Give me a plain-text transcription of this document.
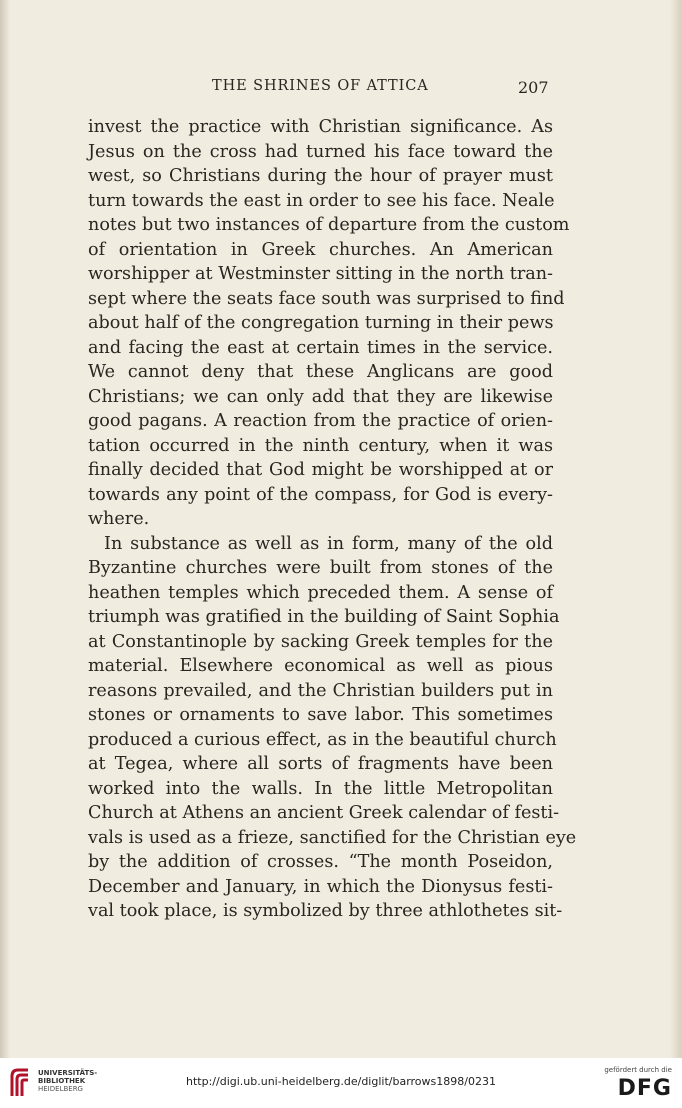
THE SHRINES OF ATTICA	207
invest the practice with Christian significance. As
Jesus on the cross had turned his face toward the
west, so Christians during the hour of prayer must
turn towards the east in order to see his face. Neale
notes but two instances of departure from the custom
of orientation in Greek churches. An American
worshipper at Westminster sitting in the north tran-
sept where the seats face south was surprised to find
about half of the congregation turning in their pews
and facing the east at certain times in the service.
We cannot deny that these Anglicans are good
Christians; we can only add that they are likewise
good pagans. A reaction from the practice of orien-
tation occurred in the ninth century, when it was
finally decided that God might be worshipped at or
towards any point of the compass, for God is every-
where.
In substance as well as in form, many of the old
Byzantine churches were built from stones of the
heathen temples which preceded them. A sense of
triumph was gratified in the building of Saint Sophia
at Constantinople by sacking Greek temples for the
material. Elsewhere economical as well as pious
reasons prevailed, and the Christian builders put in
stones or ornaments to save labor. This sometimes
produced a curious effect, as in the beautiful church
at Tegea, where all sorts of fragments have been
worked into the walls. In the little Metropolitan
Church at Athens an ancient Greek calendar of festi-
vals is used as a frieze, sanctified for the Christian eye
by the addition of crosses. “The month Poseidon,
December and January, in which the Dionysus festi-
val took place, is symbolized by three athlothetes sit-
UNIVERSITÄTS-
BIBLIOTHEK
HEIDELBERG
http://digi.ub.uni-heidelberg.de/diglit/barrows1898/0231
gefördert durch die
DFG
